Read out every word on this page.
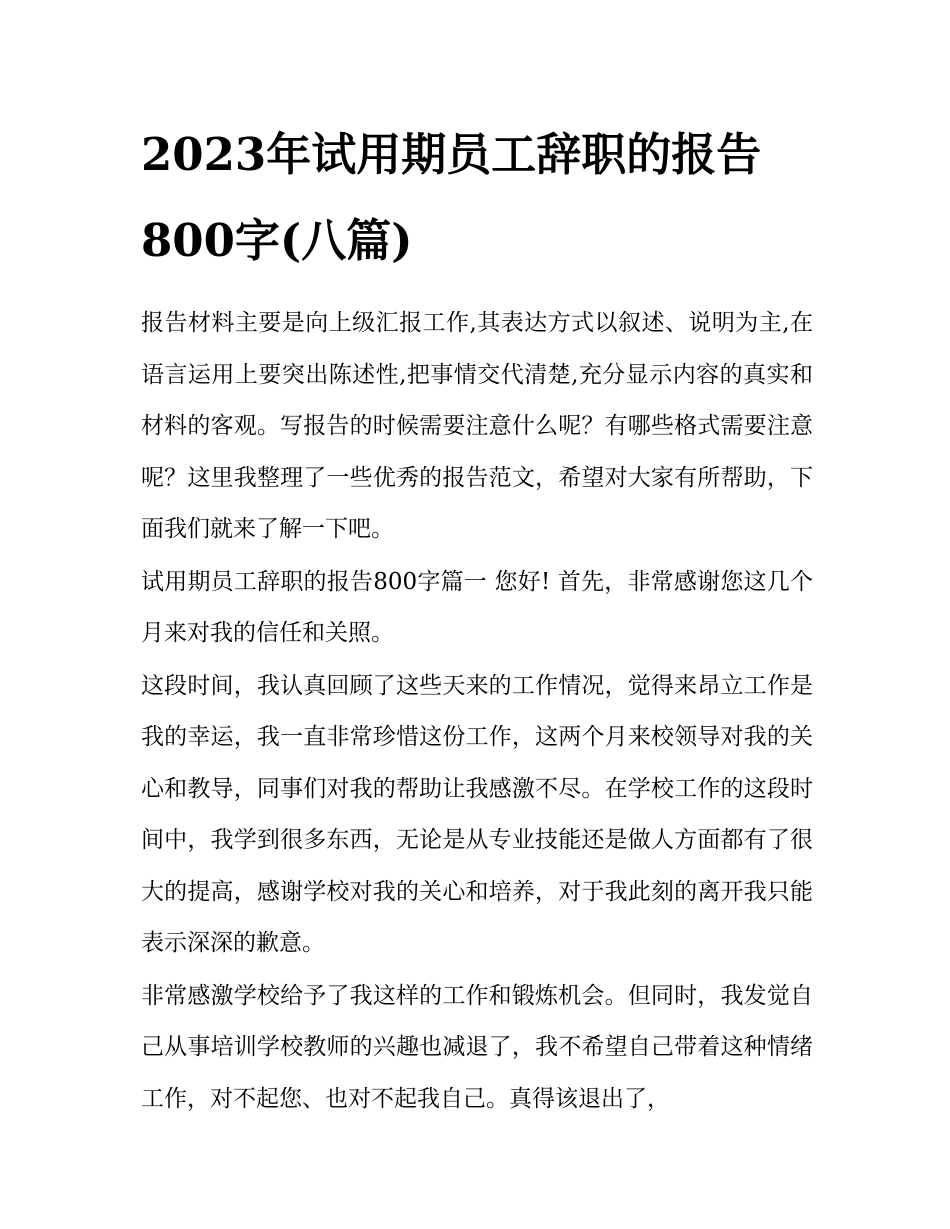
2023年试用期员工辞职的报告800字(八篇)

报告材料主要是向上级汇报工作,其表达方式以叙述、说明为主,在语言运用上要突出陈述性,把事情交代清楚,充分显示内容的真实和材料的客观。写报告的时候需要注意什么呢？有哪些格式需要注意呢？这里我整理了一些优秀的报告范文，希望对大家有所帮助，下面我们就来了解一下吧。

试用期员工辞职的报告800字篇一 您好! 首先，非常感谢您这几个月来对我的信任和关照。

这段时间，我认真回顾了这些天来的工作情况，觉得来昂立工作是我的幸运，我一直非常珍惜这份工作，这两个月来校领导对我的关心和教导，同事们对我的帮助让我感激不尽。在学校工作的这段时间中，我学到很多东西，无论是从专业技能还是做人方面都有了很大的提高，感谢学校对我的关心和培养，对于我此刻的离开我只能表示深深的歉意。

非常感激学校给予了我这样的工作和锻炼机会。但同时，我发觉自己从事培训学校教师的兴趣也减退了，我不希望自己带着这种情绪工作，对不起您、也对不起我自己。真得该退出了，
